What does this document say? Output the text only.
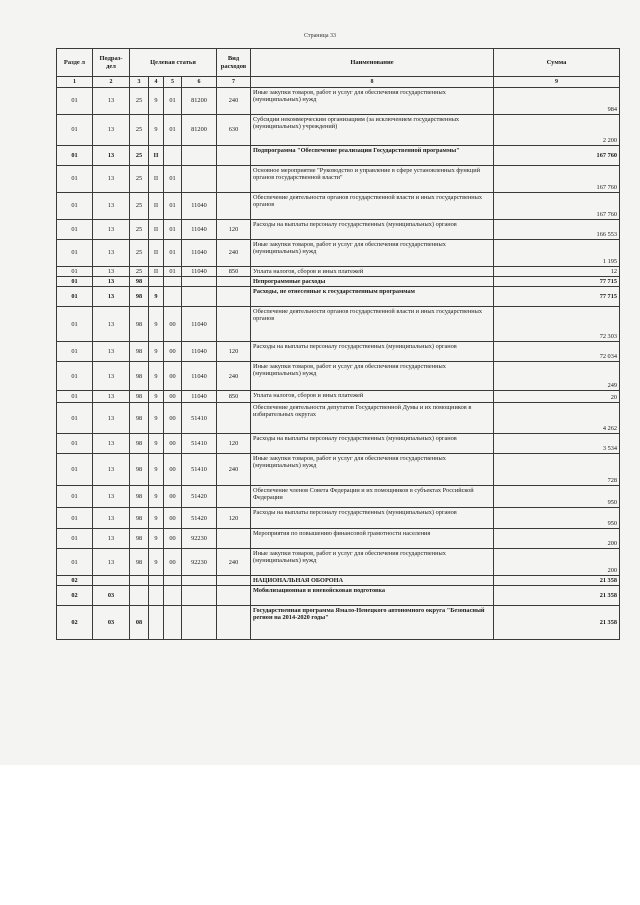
Страница 33
Разде л	Подраз- дел	Целевая статья				Вид расходов	Наименование	Сумма
1	2	3	4	5	6	7	8	9
01	13	25	9	01	81200	240	Иные закупки товаров, работ и услуг для обеспечения государственных (муниципальных) нужд	984
01	13	25	9	01	81200	630	Субсидии некоммерческим организациям (за исключением государственных (муниципальных) учреждений)	2 200
01	13	25	II				Подпрограмма "Обеспечение реализации Государственной программы"	167 760
01	13	25	II	01			Основное мероприятие "Руководство и управление в сфере установленных функций органов государственной власти"	167 760
01	13	25	II	01	11040		Обеспечение деятельности органов государственной власти и иных государственных органов	167 760
01	13	25	II	01	11040	120	Расходы на выплаты персоналу государственных (муниципальных) органов	166 553
01	13	25	II	01	11040	240	Иные закупки товаров, работ и услуг для обеспечения государственных (муниципальных) нужд	1 195
01	13	25	II	01	11040	850	Уплата налогов, сборов и иных платежей	12
01	13	98					Непрограммные расходы	77 715
01	13	98	9				Расходы, не отнесенные к государственным программам	77 715
01	13	98	9	00	11040		Обеспечение деятельности органов государственной власти и иных государственных органов	72 303
01	13	98	9	00	11040	120	Расходы на выплаты персоналу государственных (муниципальных) органов	72 034
01	13	98	9	00	11040	240	Иные закупки товаров, работ и услуг для обеспечения государственных (муниципальных) нужд	249
01	13	98	9	00	11040	850	Уплата налогов, сборов и иных платежей	20
01	13	98	9	00	51410		Обеспечение деятельности депутатов Государственной Думы и их помощников в избирательных округах	4 262
01	13	98	9	00	51410	120	Расходы на выплаты персоналу государственных (муниципальных) органов	3 534
01	13	98	9	00	51410	240	Иные закупки товаров, работ и услуг для обеспечения государственных (муниципальных) нужд	728
01	13	98	9	00	51420		Обеспечение членов Совета Федерации и их помощников в субъектах Российской Федерации	950
01	13	98	9	00	51420	120	Расходы на выплаты персоналу государственных (муниципальных) органов	950
01	13	98	9	00	92230		Мероприятия по повышению финансовой грамотности населения	200
01	13	98	9	00	92230	240	Иные закупки товаров, работ и услуг для обеспечения государственных (муниципальных) нужд	200
02							НАЦИОНАЛЬНАЯ ОБОРОНА	21 358
02	03						Мобилизационная и вневойсковая подготовка	21 358
02	03	08					Государственная программа Ямало-Ненецкого автономного округа "Безопасный регион на 2014-2020 годы"	21 358
